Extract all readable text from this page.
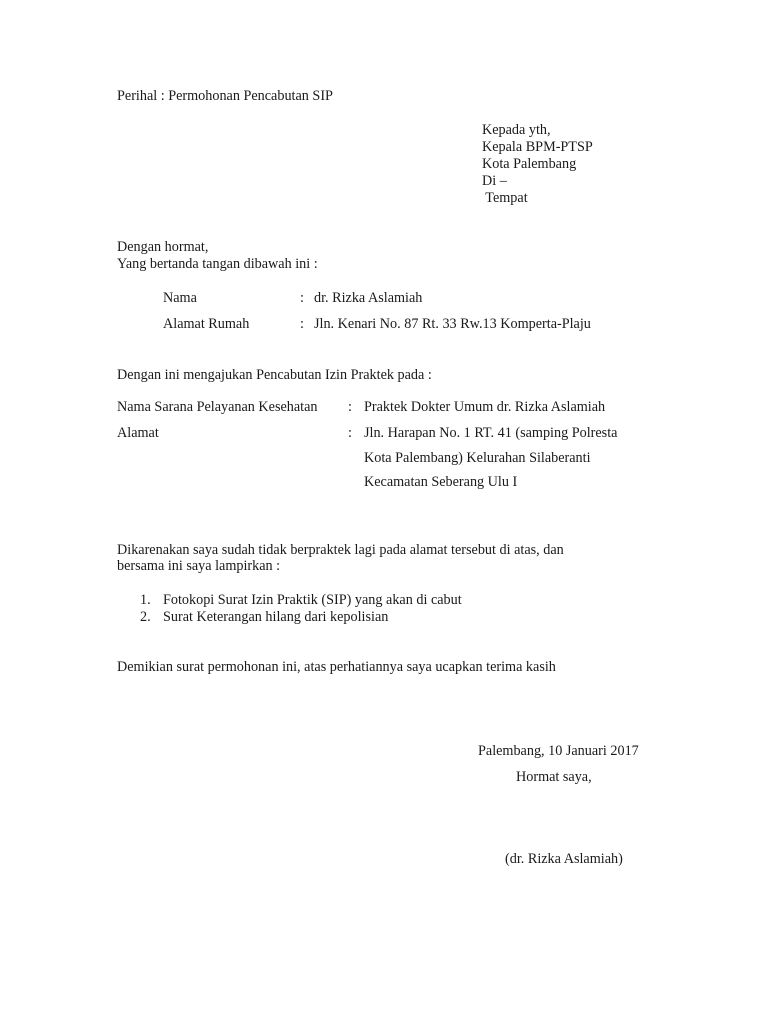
Perihal : Permohonan Pencabutan SIP
Kepada yth,
Kepala BPM-PTSP
Kota Palembang
Di –
Tempat
Dengan hormat,
Yang bertanda tangan dibawah ini :
Nama	: dr. Rizka Aslamiah
Alamat Rumah	: Jln. Kenari No. 87 Rt. 33 Rw.13 Komperta-Plaju
Dengan ini mengajukan Pencabutan Izin Praktek pada :
Nama Sarana Pelayanan Kesehatan : Praktek Dokter Umum dr. Rizka Aslamiah
Alamat	: Jln. Harapan No. 1 RT. 41 (samping Polresta
Kota Palembang) Kelurahan Silaberanti
Kecamatan Seberang Ulu I
Dikarenakan saya sudah tidak berpraktek lagi pada alamat tersebut di atas, dan
bersama ini saya lampirkan :
1. Fotokopi Surat Izin Praktik (SIP) yang akan di cabut
2. Surat Keterangan hilang dari kepolisian
Demikian surat permohonan ini, atas perhatiannya saya ucapkan terima kasih
Palembang, 10 Januari 2017
Hormat saya,
(dr. Rizka Aslamiah)
